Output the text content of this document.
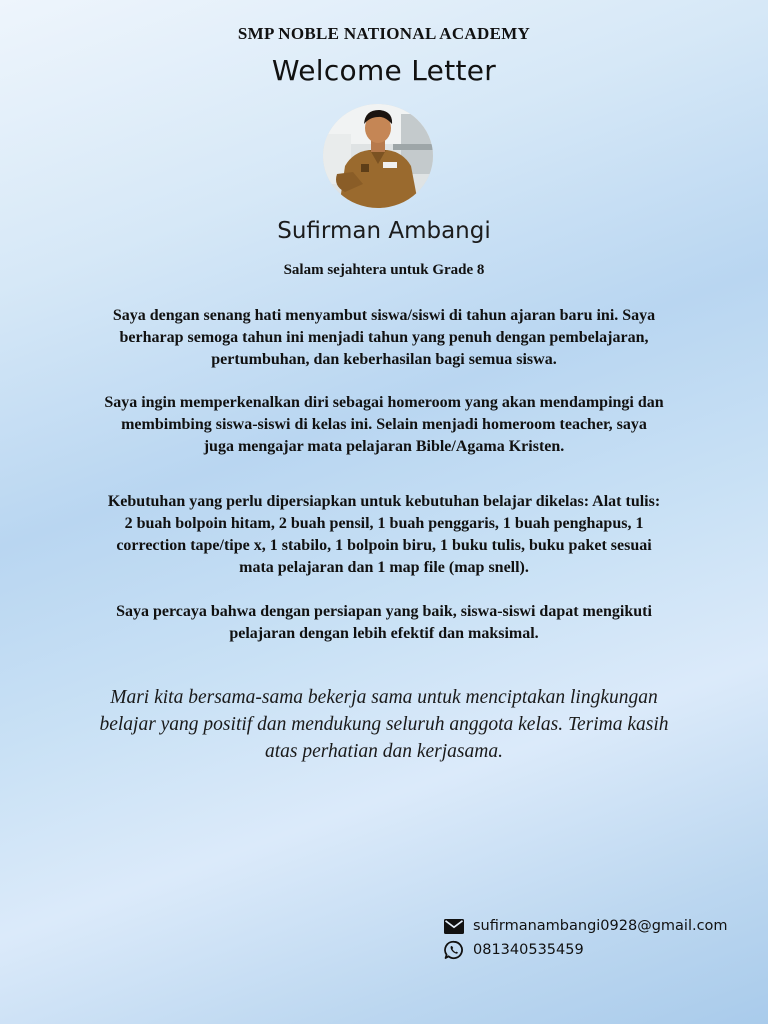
SMP NOBLE NATIONAL ACADEMY
Welcome Letter
Sufirman Ambangi
Salam sejahtera untuk Grade 8
Saya dengan senang hati menyambut siswa/siswi di tahun ajaran baru ini. Saya berharap semoga tahun ini menjadi tahun yang penuh dengan pembelajaran, pertumbuhan, dan keberhasilan bagi semua siswa.
Saya ingin memperkenalkan diri sebagai homeroom yang akan mendampingi dan membimbing siswa-siswi di kelas ini. Selain menjadi homeroom teacher, saya juga mengajar mata pelajaran Bible/Agama Kristen.
Kebutuhan yang perlu dipersiapkan untuk kebutuhan belajar dikelas: Alat tulis: 2 buah bolpoin hitam, 2 buah pensil, 1 buah penggaris, 1 buah penghapus, 1 correction tape/tipe x, 1 stabilo, 1 bolpoin biru, 1 buku tulis, buku paket sesuai mata pelajaran dan 1 map file (map snell).
Saya percaya bahwa dengan persiapan yang baik, siswa-siswi dapat mengikuti pelajaran dengan lebih efektif dan maksimal.
Mari kita bersama-sama bekerja sama untuk menciptakan lingkungan belajar yang positif dan mendukung seluruh anggota kelas. Terima kasih atas perhatian dan kerjasama.
sufirmanambangi0928@gmail.com
081340535459
